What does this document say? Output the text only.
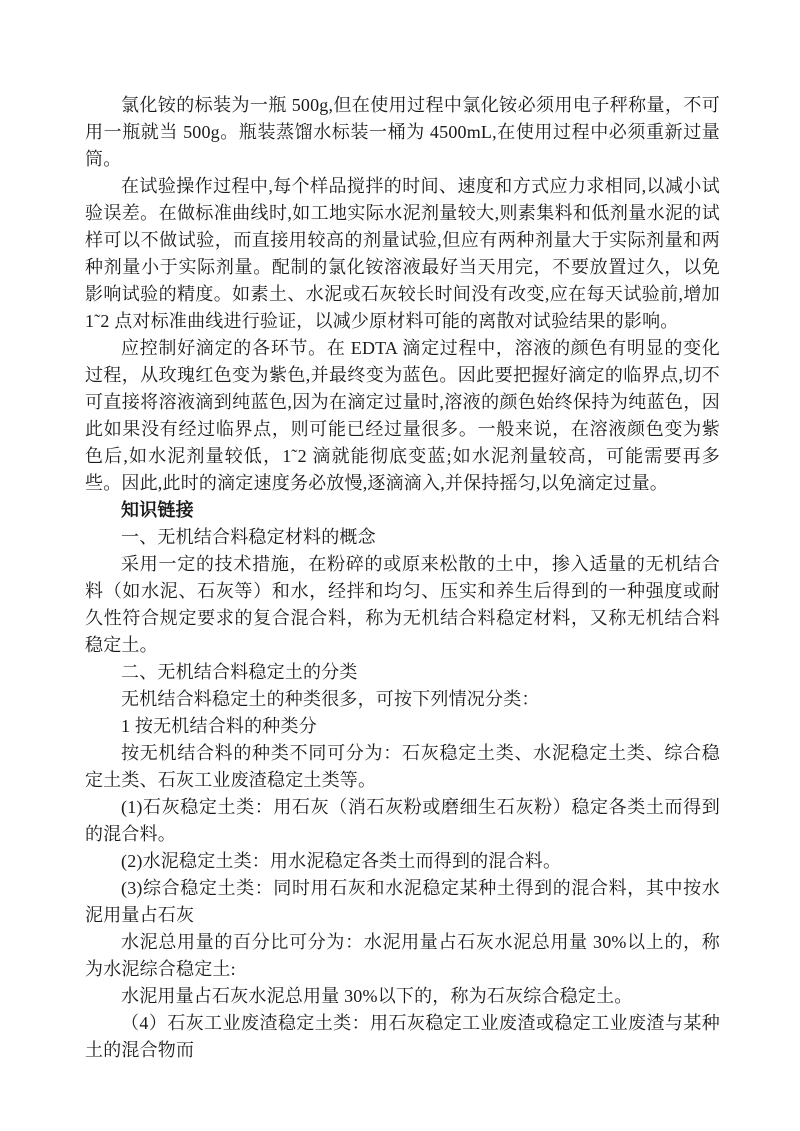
氯化铵的标装为一瓶 500g,但在使用过程中氯化铵必须用电子秤称量，不可用一瓶就当 500g。瓶装蒸馏水标装一桶为 4500mL,在使用过程中必须重新过量筒。

在试验操作过程中,每个样品搅拌的时间、速度和方式应力求相同,以减小试验误差。在做标准曲线时,如工地实际水泥剂量较大,则素集料和低剂量水泥的试样可以不做试验，而直接用较高的剂量试验,但应有两种剂量大于实际剂量和两种剂量小于实际剂量。配制的氯化铵溶液最好当天用完，不要放置过久，以免影响试验的精度。如素土、水泥或石灰较长时间没有改变,应在每天试验前,增加 1˜2 点对标准曲线进行验证，以减少原材料可能的离散对试验结果的影响。

应控制好滴定的各环节。在 EDTA 滴定过程中，溶液的颜色有明显的变化过程，从玫瑰红色变为紫色,并最终变为蓝色。因此要把握好滴定的临界点,切不可直接将溶液滴到纯蓝色,因为在滴定过量时,溶液的颜色始终保持为纯蓝色，因此如果没有经过临界点，则可能已经过量很多。一般来说，在溶液颜色变为紫色后,如水泥剂量较低，1˜2 滴就能彻底变蓝;如水泥剂量较高，可能需要再多些。因此,此时的滴定速度务必放慢,逐滴滴入,并保持摇匀,以免滴定过量。

知识链接

一、无机结合料稳定材料的概念

采用一定的技术措施，在粉碎的或原来松散的土中，掺入适量的无机结合料（如水泥、石灰等）和水，经拌和均匀、压实和养生后得到的一种强度或耐久性符合规定要求的复合混合料，称为无机结合料稳定材料，又称无机结合料稳定土。

二、无机结合料稳定土的分类

无机结合料稳定土的种类很多，可按下列情况分类：

1 按无机结合料的种类分

按无机结合料的种类不同可分为：石灰稳定土类、水泥稳定土类、综合稳定土类、石灰工业废渣稳定土类等。

(1)石灰稳定土类：用石灰（消石灰粉或磨细生石灰粉）稳定各类土而得到的混合料。

(2)水泥稳定土类：用水泥稳定各类土而得到的混合料。

(3)综合稳定土类：同时用石灰和水泥稳定某种土得到的混合料，其中按水泥用量占石灰

水泥总用量的百分比可分为：水泥用量占石灰水泥总用量 30%以上的，称为水泥综合稳定土:

水泥用量占石灰水泥总用量 30%以下的，称为石灰综合稳定土。

（4）石灰工业废渣稳定土类：用石灰稳定工业废渣或稳定工业废渣与某种土的混合物而
